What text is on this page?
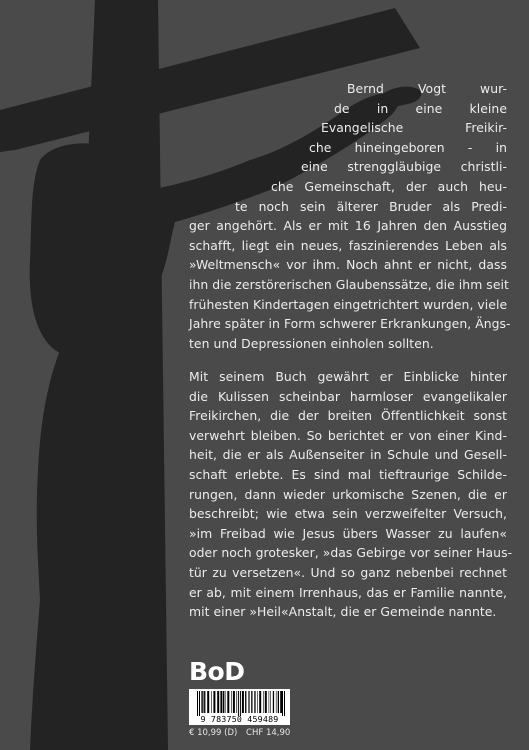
Bernd Vogt wur-
de in eine kleine
Evangelische Freikir-
che hineingeboren - in
eine strenggläubige christli-
che Gemeinschaft, der auch heu-
te noch sein älterer Bruder als Predi-
ger angehört. Als er mit 16 Jahren den Ausstieg
schafft, liegt ein neues, faszinierendes Leben als
»Weltmensch« vor ihm. Noch ahnt er nicht, dass
ihn die zerstörerischen Glaubenssätze, die ihm seit
frühesten Kindertagen eingetrichtert wurden, viele
Jahre später in Form schwerer Erkrankungen, Ängs-
ten und Depressionen einholen sollten.
Mit seinem Buch gewährt er Einblicke hinter
die Kulissen scheinbar harmloser evangelikaler
Freikirchen, die der breiten Öffentlichkeit sonst
verwehrt bleiben. So berichtet er von einer Kind-
heit, die er als Außenseiter in Schule und Gesell-
schaft erlebte. Es sind mal tieftraurige Schilde-
rungen, dann wieder urkomische Szenen, die er
beschreibt; wie etwa sein verzweifelter Versuch,
»im Freibad wie Jesus übers Wasser zu laufen«
oder noch grotesker, »das Gebirge vor seiner Haus-
tür zu versetzen«. Und so ganz nebenbei rechnet
er ab, mit einem Irrenhaus, das er Familie nannte,
mit einer »Heil«Anstalt, die er Gemeinde nannte.
BoD
9 783750 459489
€ 10,99 (D) CHF 14,90
